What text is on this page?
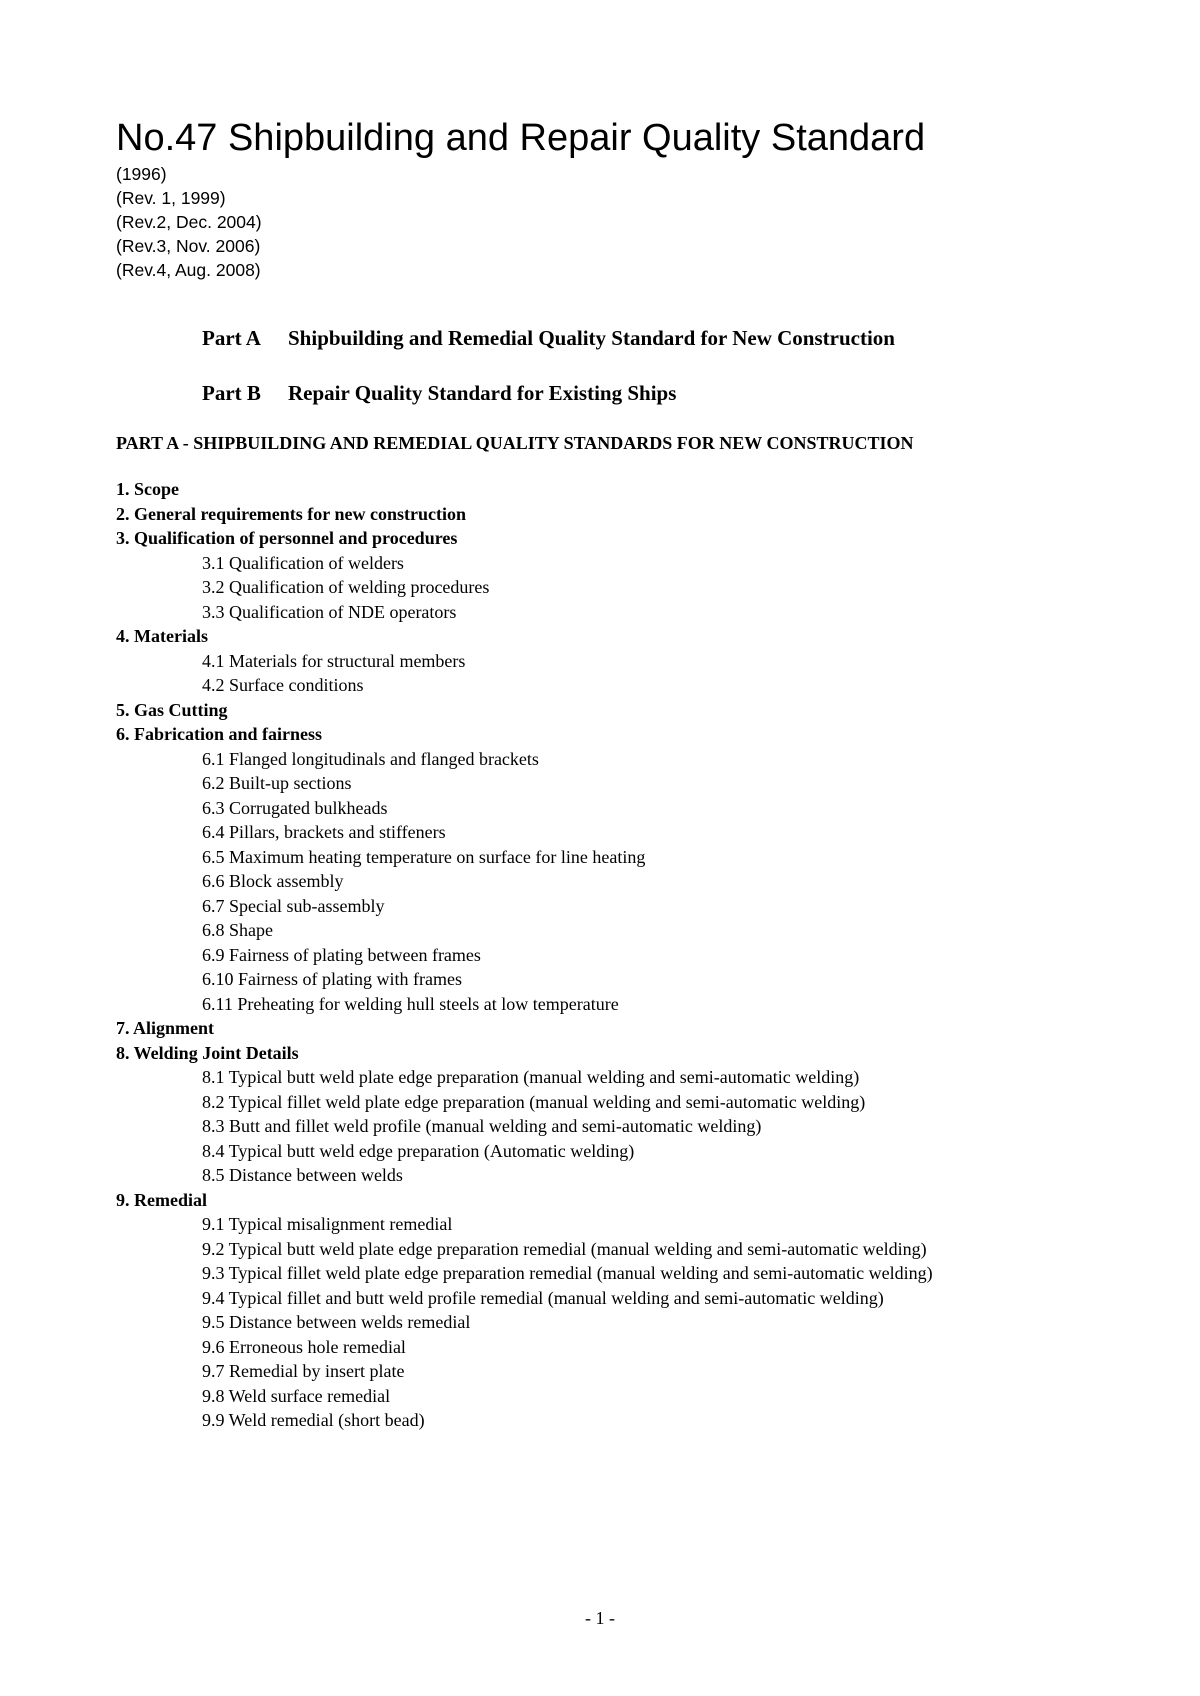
No.47 Shipbuilding and Repair Quality Standard
(1996)
(Rev. 1, 1999)
(Rev.2, Dec. 2004)
(Rev.3, Nov. 2006)
(Rev.4, Aug. 2008)
Part A	Shipbuilding and Remedial Quality Standard for New Construction
Part B	Repair Quality Standard for Existing Ships
PART A - SHIPBUILDING AND REMEDIAL QUALITY STANDARDS FOR NEW CONSTRUCTION
1. Scope
2. General requirements for new construction
3. Qualification of personnel and procedures
3.1 Qualification of welders
3.2 Qualification of welding procedures
3.3 Qualification of NDE operators
4. Materials
4.1 Materials for structural members
4.2 Surface conditions
5. Gas Cutting
6. Fabrication and fairness
6.1 Flanged longitudinals and flanged brackets
6.2 Built-up sections
6.3 Corrugated bulkheads
6.4 Pillars, brackets and stiffeners
6.5 Maximum heating temperature on surface for line heating
6.6 Block assembly
6.7 Special sub-assembly
6.8 Shape
6.9 Fairness of plating between frames
6.10 Fairness of plating with frames
6.11 Preheating for welding hull steels at low temperature
7. Alignment
8. Welding Joint Details
8.1 Typical butt weld plate edge preparation (manual welding and semi-automatic welding)
8.2 Typical fillet weld plate edge preparation (manual welding and semi-automatic welding)
8.3 Butt and fillet weld profile (manual welding and semi-automatic welding)
8.4 Typical butt weld edge preparation (Automatic welding)
8.5 Distance between welds
9. Remedial
9.1 Typical misalignment remedial
9.2 Typical butt weld plate edge preparation remedial (manual welding and semi-automatic welding)
9.3 Typical fillet weld plate edge preparation remedial (manual welding and semi-automatic welding)
9.4 Typical fillet and butt weld profile remedial (manual welding and semi-automatic welding)
9.5 Distance between welds remedial
9.6 Erroneous hole remedial
9.7 Remedial by insert plate
9.8 Weld surface remedial
9.9 Weld remedial (short bead)
- 1 -
